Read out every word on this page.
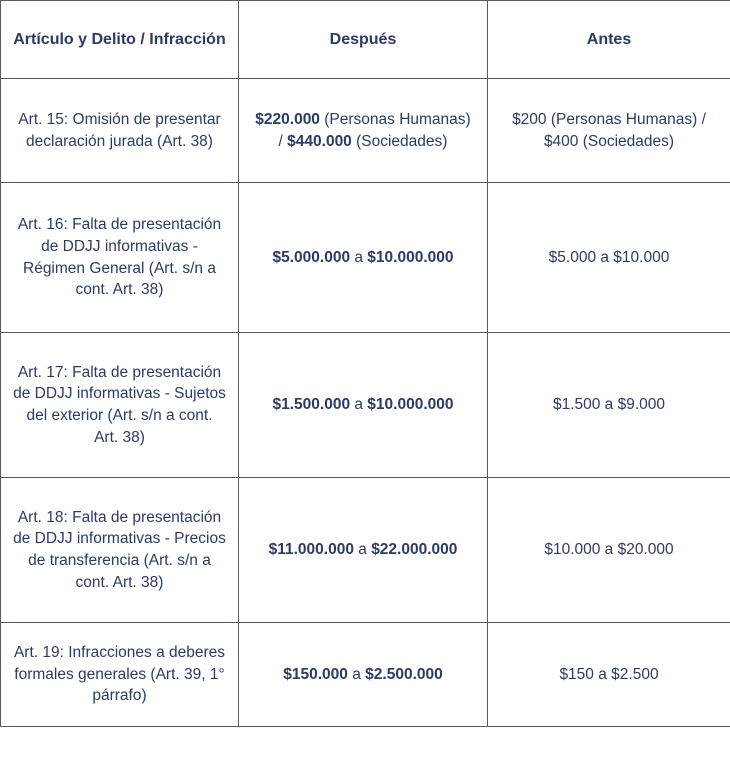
Artículo y Delito / Infracción	Después	Antes
Art. 15: Omisión de presentar declaración jurada (Art. 38)	$220.000 (Personas Humanas) / $440.000 (Sociedades)	$200 (Personas Humanas) / $400 (Sociedades)
Art. 16: Falta de presentación de DDJJ informativas - Régimen General (Art. s/n a cont. Art. 38)	$5.000.000 a $10.000.000	$5.000 a $10.000
Art. 17: Falta de presentación de DDJJ informativas - Sujetos del exterior (Art. s/n a cont. Art. 38)	$1.500.000 a $10.000.000	$1.500 a $9.000
Art. 18: Falta de presentación de DDJJ informativas - Precios de transferencia (Art. s/n a cont. Art. 38)	$11.000.000 a $22.000.000	$10.000 a $20.000
Art. 19: Infracciones a deberes formales generales (Art. 39, 1° párrafo)	$150.000 a $2.500.000	$150 a $2.500
